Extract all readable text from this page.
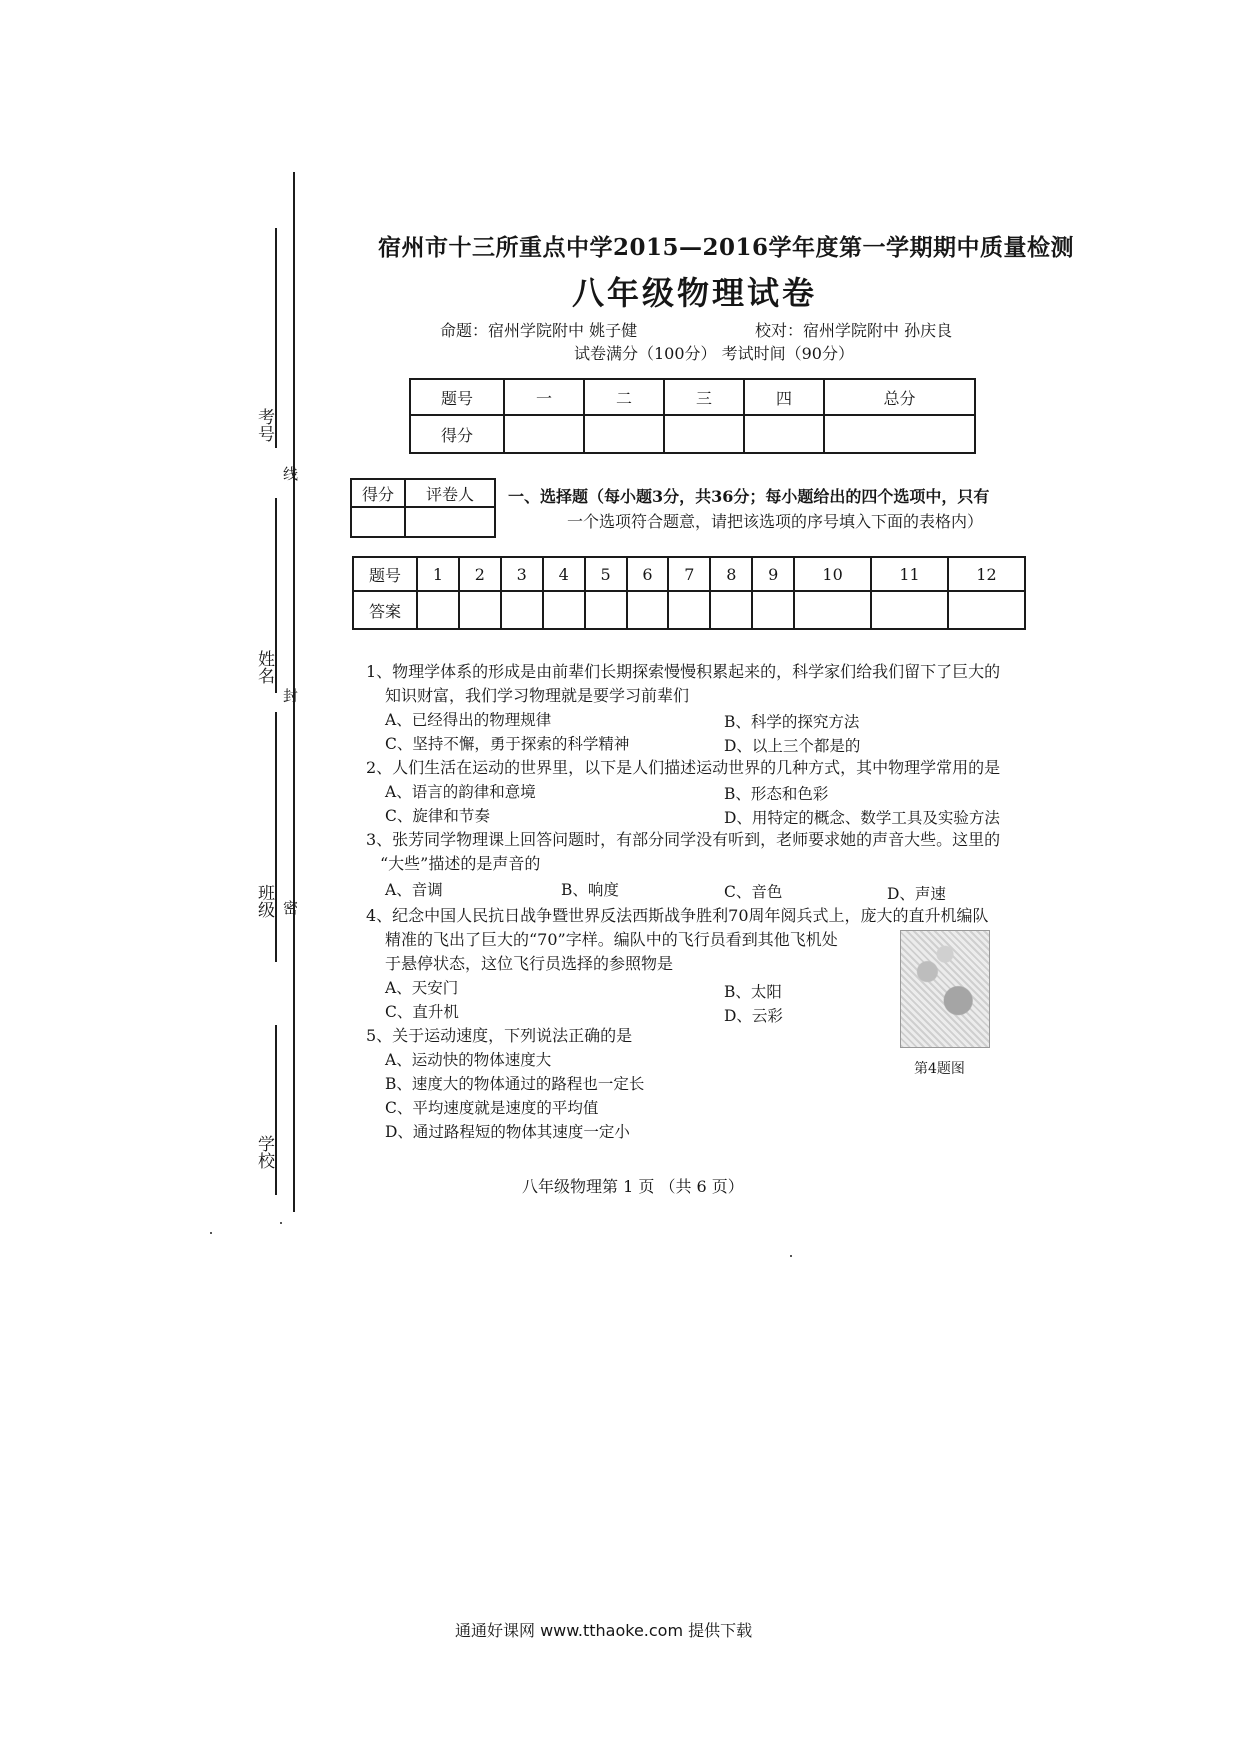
考号
线
姓名
封
班级 密
学校
宿州市十三所重点中学2015—2016学年度第一学期期中质量检测
八年级物理试卷
命题：宿州学院附中 姚子健	校对：宿州学院附中 孙庆良
试卷满分（100分） 考试时间（90分）
题号	一	二	三	四	总分
得分					
得分	评卷人
	一、选择题（每小题3分，共36分；每小题给出的四个选项中，只有
一个选项符合题意，请把该选项的序号填入下面的表格内）
题号	1	2	3	4	5	6	7	8	9	10	11	12
答案												
1、物理学体系的形成是由前辈们长期探索慢慢积累起来的，科学家们给我们留下了巨大的
知识财富，我们学习物理就是要学习前辈们
A、已经得出的物理规律	B、科学的探究方法
C、坚持不懈，勇于探索的科学精神	D、以上三个都是的
2、人们生活在运动的世界里，以下是人们描述运动世界的几种方式，其中物理学常用的是
A、语言的韵律和意境	B、形态和色彩
C、旋律和节奏	D、用特定的概念、数学工具及实验方法
3、张芳同学物理课上回答问题时，有部分同学没有听到，老师要求她的声音大些。这里的
“大些”描述的是声音的
A、音调	B、响度	C、音色	D、声速
4、纪念中国人民抗日战争暨世界反法西斯战争胜利70周年阅兵式上，庞大的直升机编队
精准的飞出了巨大的“70”字样。编队中的飞行员看到其他飞机处
于悬停状态，这位飞行员选择的参照物是
A、天安门	B、太阳
C、直升机	D、云彩
第4题图
5、关于运动速度，下列说法正确的是
A、运动快的物体速度大
B、速度大的物体通过的路程也一定长
C、平均速度就是速度的平均值
D、通过路程短的物体其速度一定小
八年级物理第 1 页 （共 6 页）
通通好课网 www.tthaoke.com 提供下载
